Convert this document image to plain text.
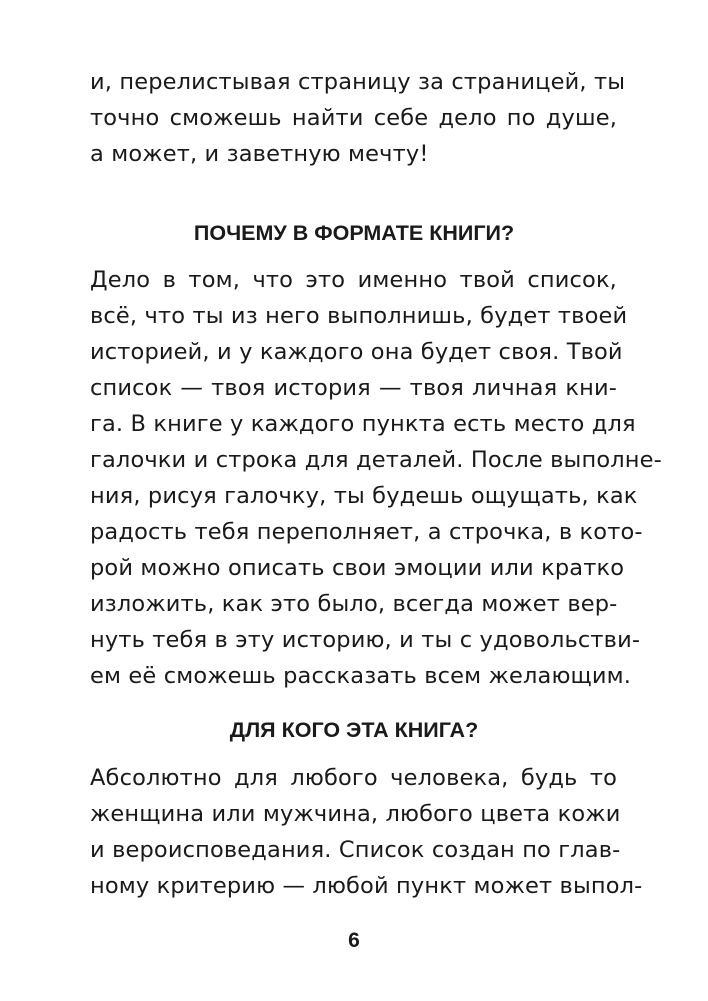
и, перелистывая страницу за страницей, ты
точно сможешь найти себе дело по душе,
а может, и заветную мечту!
ПОЧЕМУ В ФОРМАТЕ КНИГИ?
Дело в том, что это именно твой список,
всё, что ты из него выполнишь, будет твоей
историей, и у каждого она будет своя. Твой
список — твоя история — твоя личная кни-
га. В книге у каждого пункта есть место для
галочки и строка для деталей. После выполне-
ния, рисуя галочку, ты будешь ощущать, как
радость тебя переполняет, а строчка, в кото-
рой можно описать свои эмоции или кратко
изложить, как это было, всегда может вер-
нуть тебя в эту историю, и ты с удовольстви-
ем её сможешь рассказать всем желающим.
ДЛЯ КОГО ЭТА КНИГА?
Абсолютно для любого человека, будь то
женщина или мужчина, любого цвета кожи
и вероисповедания. Список создан по глав-
ному критерию — любой пункт может выпол-
6
